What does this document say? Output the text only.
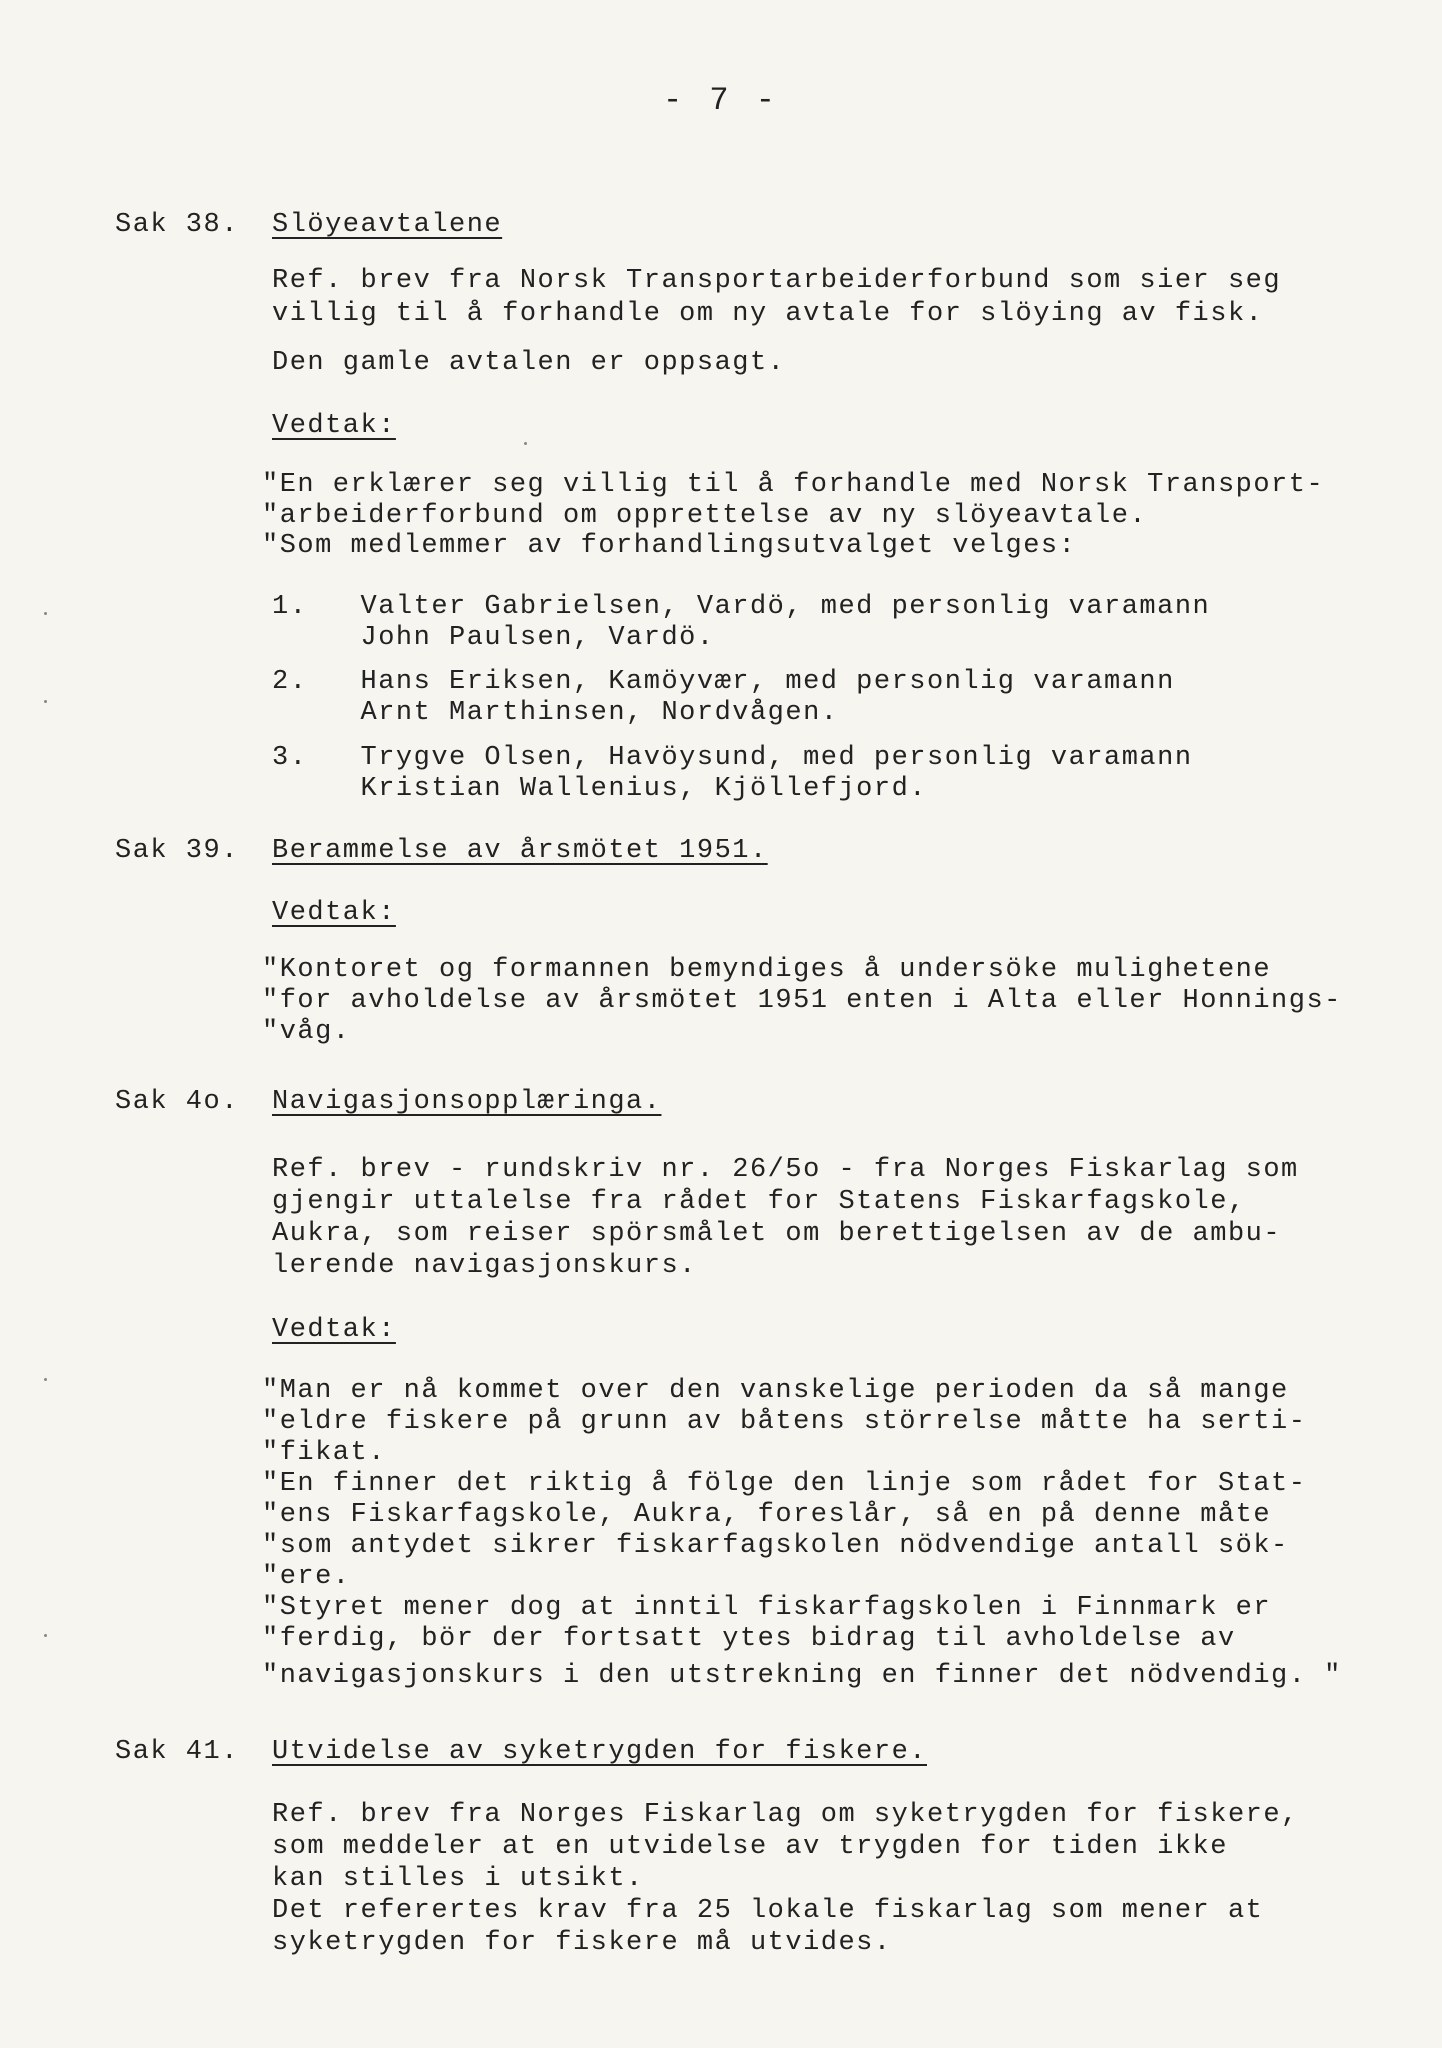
- 7 -
Sak 38. Slöyeavtalene
Ref. brev fra Norsk Transportarbeiderforbund som sier seg
villig til å forhandle om ny avtale for slöying av fisk.
Den gamle avtalen er oppsagt.
Vedtak:
"En erklærer seg villig til å forhandle med Norsk Transport-
"arbeiderforbund om opprettelse av ny slöyeavtale.
"Som medlemmer av forhandlingsutvalget velges:
1.   Valter Gabrielsen, Vardö, med personlig varamann
John Paulsen, Vardö.
2.   Hans Eriksen, Kamöyvær, med personlig varamann
Arnt Marthinsen, Nordvågen.
3.   Trygve Olsen, Havöysund, med personlig varamann
Kristian Wallenius, Kjöllefjord.
Sak 39. Berammelse av årsmötet 1951.
Vedtak:
"Kontoret og formannen bemyndiges å undersöke mulighetene
"for avholdelse av årsmötet 1951 enten i Alta eller Honnings-
"våg.
Sak 4o. Navigasjonsopplæringa.
Ref. brev - rundskriv nr. 26/5o - fra Norges Fiskarlag som
gjengir uttalelse fra rådet for Statens Fiskarfagskole,
Aukra, som reiser spörsmålet om berettigelsen av de ambu-
lerende navigasjonskurs.
Vedtak:
"Man er nå kommet over den vanskelige perioden da så mange
"eldre fiskere på grunn av båtens störrelse måtte ha serti-
"fikat.
"En finner det riktig å fölge den linje som rådet for Stat-
"ens Fiskarfagskole, Aukra, foreslår, så en på denne måte
"som antydet sikrer fiskarfagskolen nödvendige antall sök-
"ere.
"Styret mener dog at inntil fiskarfagskolen i Finnmark er
"ferdig, bör der fortsatt ytes bidrag til avholdelse av
"navigasjonskurs i den utstrekning en finner det nödvendig. "
Sak 41. Utvidelse av syketrygden for fiskere.
Ref. brev fra Norges Fiskarlag om syketrygden for fiskere,
som meddeler at en utvidelse av trygden for tiden ikke
kan stilles i utsikt.
Det referertes krav fra 25 lokale fiskarlag som mener at
syketrygden for fiskere må utvides.
